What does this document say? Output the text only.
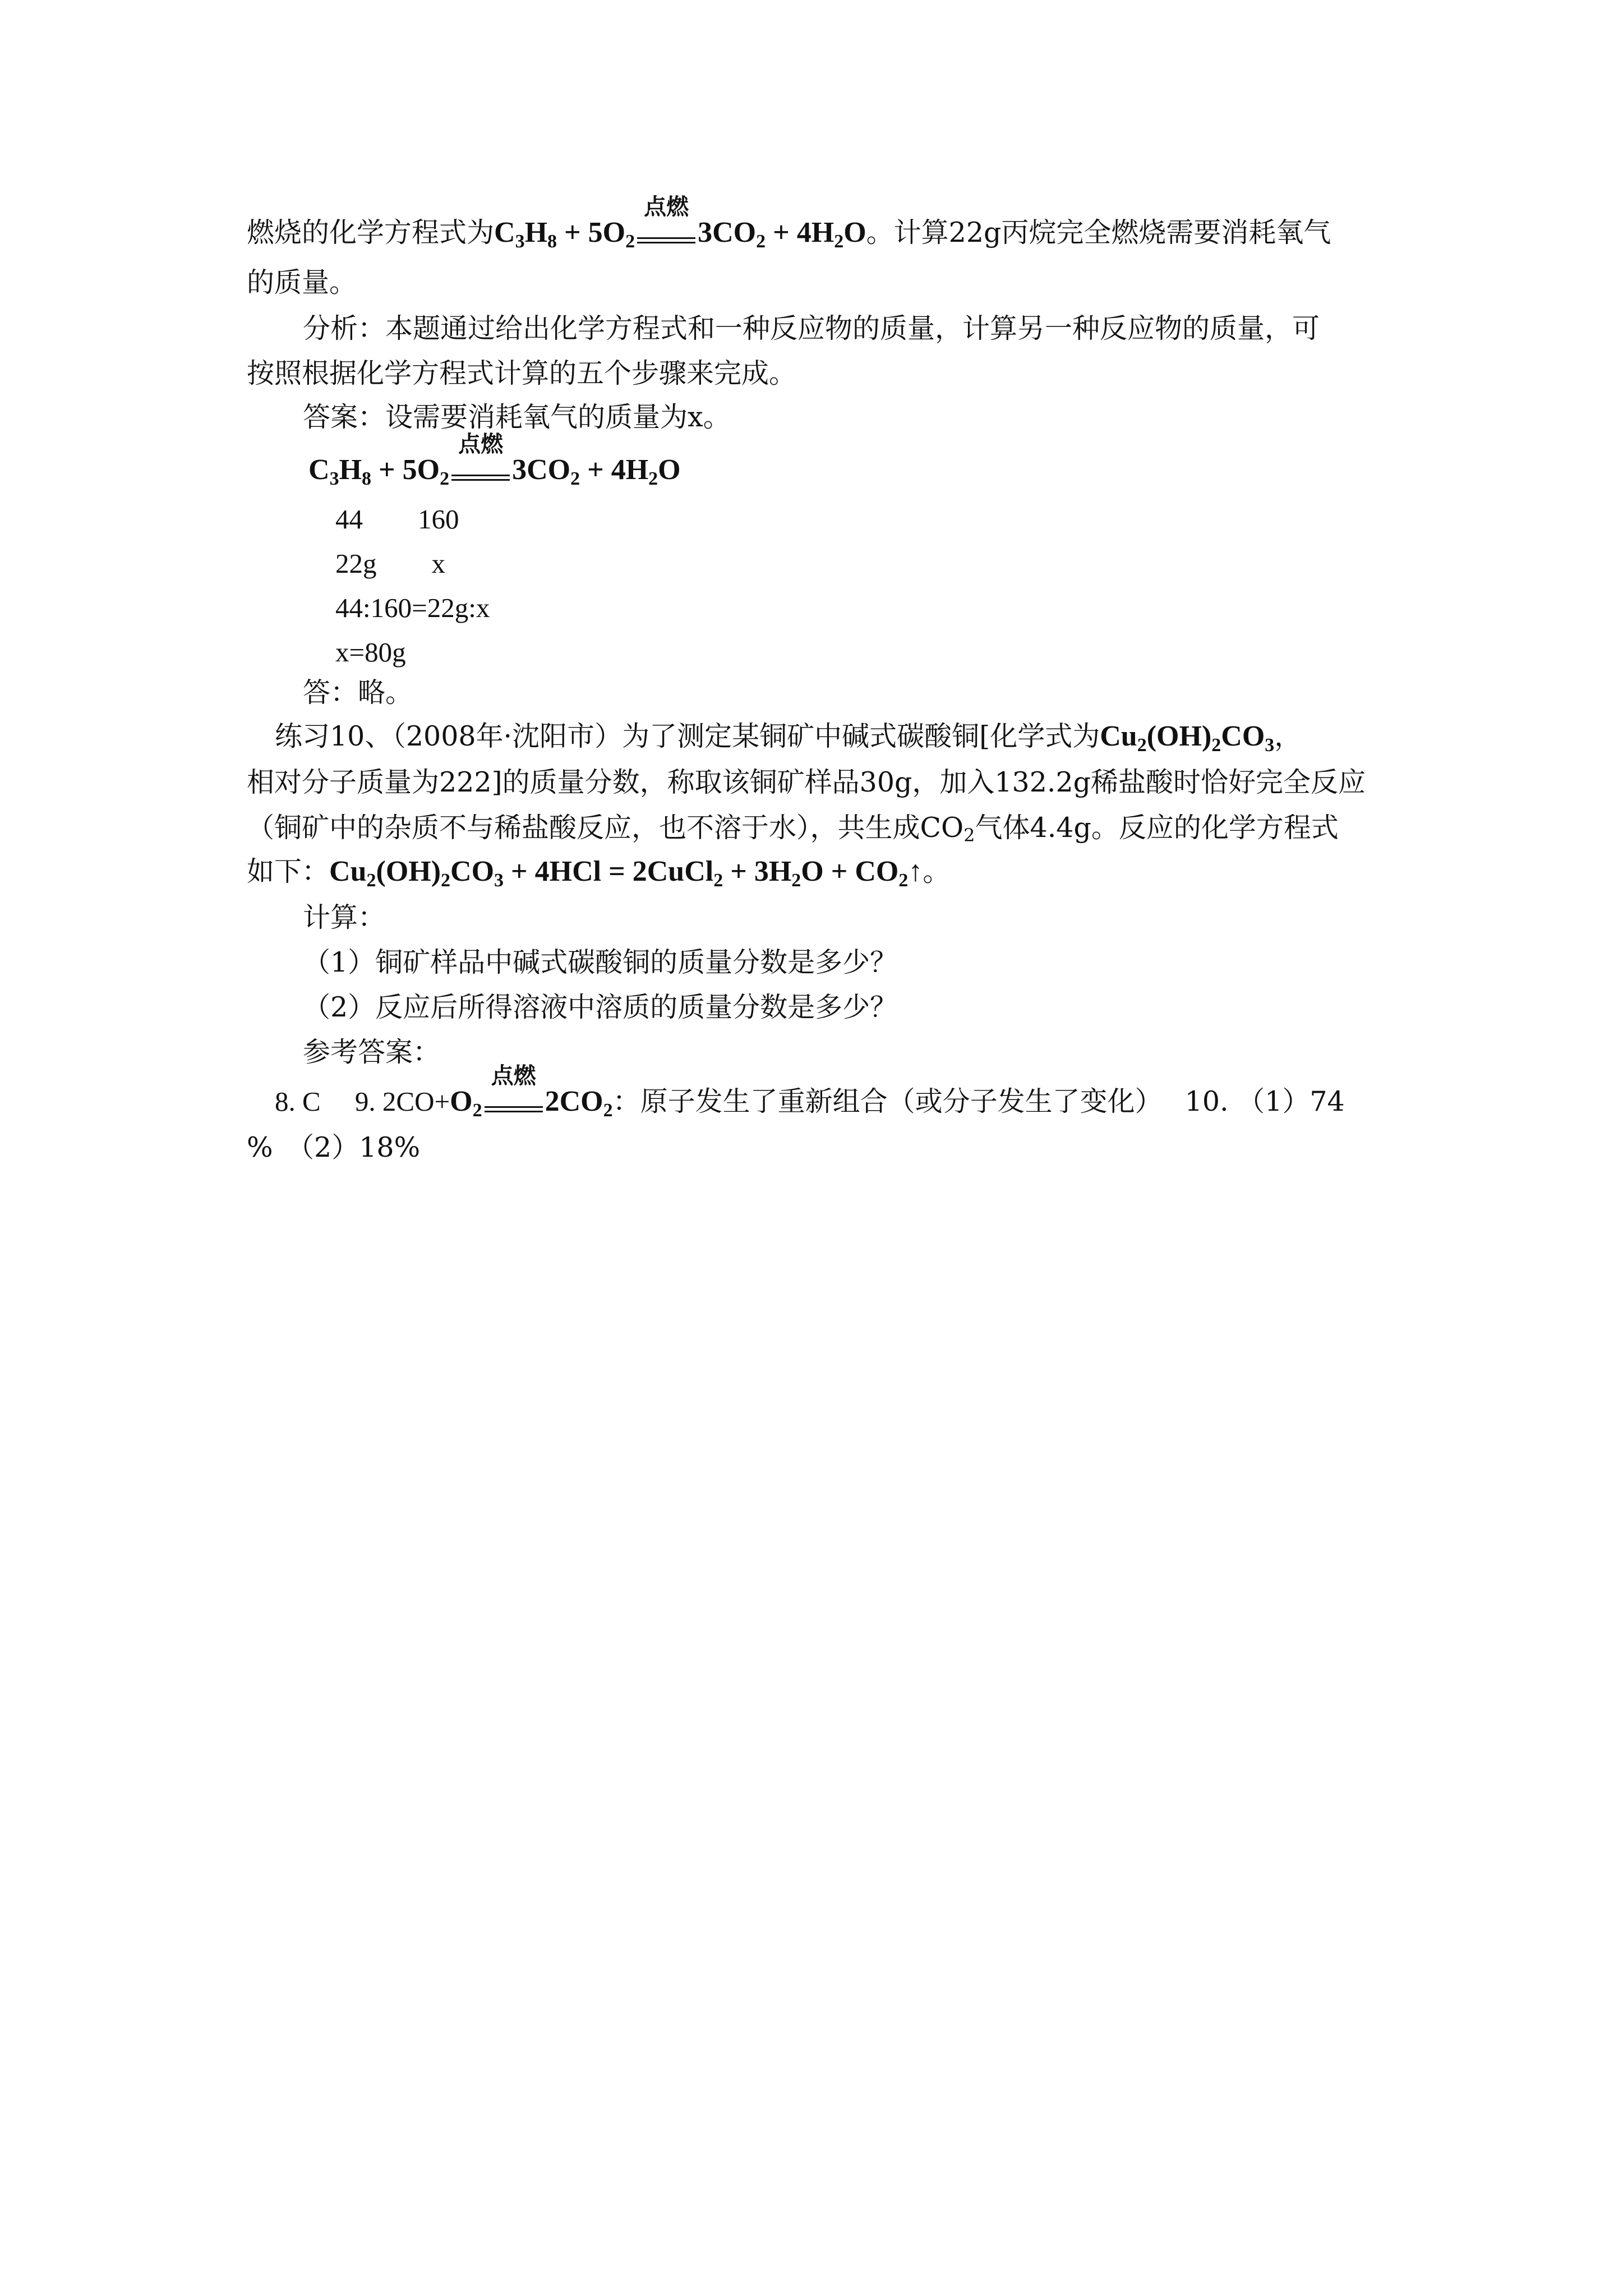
燃烧的化学方程式为$C_3H_8 + 5O_2$
点燃
$3CO_2 + 4H_2O$。计算22g丙烷完全燃烧需要消耗氧气
的质量。
分析：本题通过给出化学方程式和一种反应物的质量，计算另一种反应物的质量，可
按照根据化学方程式计算的五个步骤来完成。
答案：设需要消耗氧气的质量为x。
$C_3H_8 + 5O_2$
点燃
$3CO_2 + 4H_2O$
44　　160
22g　　x
44:160=22g:x
x=80g
答：略。
练习10、（2008年·沈阳市）为了测定某铜矿中碱式碳酸铜[化学式为$Cu_2(OH)_2CO_3$，
相对分子质量为222]的质量分数，称取该铜矿样品30g，加入132.2g稀盐酸时恰好完全反应
（铜矿中的杂质不与稀盐酸反应，也不溶于水），共生成$CO_2$气体4.4g。反应的化学方程式
如下：$Cu_2(OH)_2CO_3 + 4HCl$ = 2CuCl$_2$ + $3H_2O$ + $CO_2↑$。
计算：
（1）铜矿样品中碱式碳酸铜的质量分数是多少？
（2）反应后所得溶液中溶质的质量分数是多少？
参考答案：
8. C　 9. $2CO+O_2$
点燃
$2CO_2$：原子发生了重新组合（或分子发生了变化）　 10. （1）74
%　（2）18%
